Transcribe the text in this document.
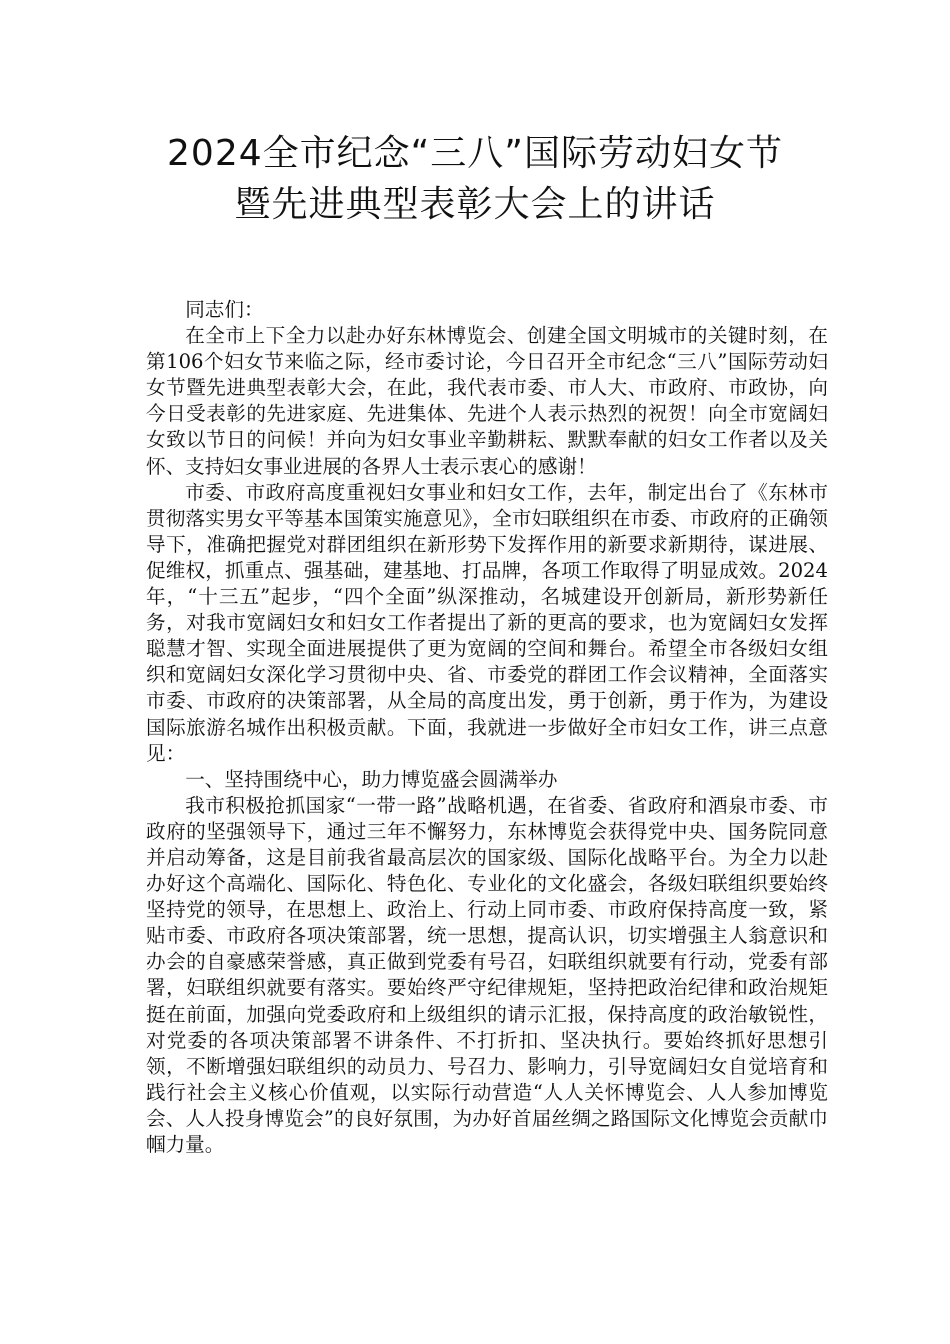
2024全市纪念“三八”国际劳动妇女节
暨先进典型表彰大会上的讲话

同志们：

在全市上下全力以赴办好东林博览会、创建全国文明城市的关键时刻，在第106个妇女节来临之际，经市委讨论，今日召开全市纪念“三八”国际劳动妇女节暨先进典型表彰大会，在此，我代表市委、市人大、市政府、市政协，向今日受表彰的先进家庭、先进集体、先进个人表示热烈的祝贺！向全市宽阔妇女致以节日的问候！并向为妇女事业辛勤耕耘、默默奉献的妇女工作者以及关怀、支持妇女事业进展的各界人士表示衷心的感谢！

市委、市政府高度重视妇女事业和妇女工作，去年，制定出台了《东林市贯彻落实男女平等基本国策实施意见》，全市妇联组织在市委、市政府的正确领导下，准确把握党对群团组织在新形势下发挥作用的新要求新期待，谋进展、促维权，抓重点、强基础，建基地、打品牌，各项工作取得了明显成效。2024年，“十三五”起步，“四个全面”纵深推动，名城建设开创新局，新形势新任务，对我市宽阔妇女和妇女工作者提出了新的更高的要求，也为宽阔妇女发挥聪慧才智、实现全面进展提供了更为宽阔的空间和舞台。希望全市各级妇女组织和宽阔妇女深化学习贯彻中央、省、市委党的群团工作会议精神，全面落实市委、市政府的决策部署，从全局的高度出发，勇于创新，勇于作为，为建设国际旅游名城作出积极贡献。下面，我就进一步做好全市妇女工作，讲三点意见：

一、坚持围绕中心，助力博览盛会圆满举办

我市积极抢抓国家“一带一路”战略机遇，在省委、省政府和酒泉市委、市政府的坚强领导下，通过三年不懈努力，东林博览会获得党中央、国务院同意并启动筹备，这是目前我省最高层次的国家级、国际化战略平台。为全力以赴办好这个高端化、国际化、特色化、专业化的文化盛会，各级妇联组织要始终坚持党的领导，在思想上、政治上、行动上同市委、市政府保持高度一致，紧贴市委、市政府各项决策部署，统一思想，提高认识，切实增强主人翁意识和办会的自豪感荣誉感，真正做到党委有号召，妇联组织就要有行动，党委有部署，妇联组织就要有落实。要始终严守纪律规矩，坚持把政治纪律和政治规矩挺在前面，加强向党委政府和上级组织的请示汇报，保持高度的政治敏锐性，对党委的各项决策部署不讲条件、不打折扣、坚决执行。要始终抓好思想引领，不断增强妇联组织的动员力、号召力、影响力，引导宽阔妇女自觉培育和践行社会主义核心价值观，以实际行动营造“人人关怀博览会、人人参加博览会、人人投身博览会”的良好氛围，为办好首届丝绸之路国际文化博览会贡献巾帼力量。
